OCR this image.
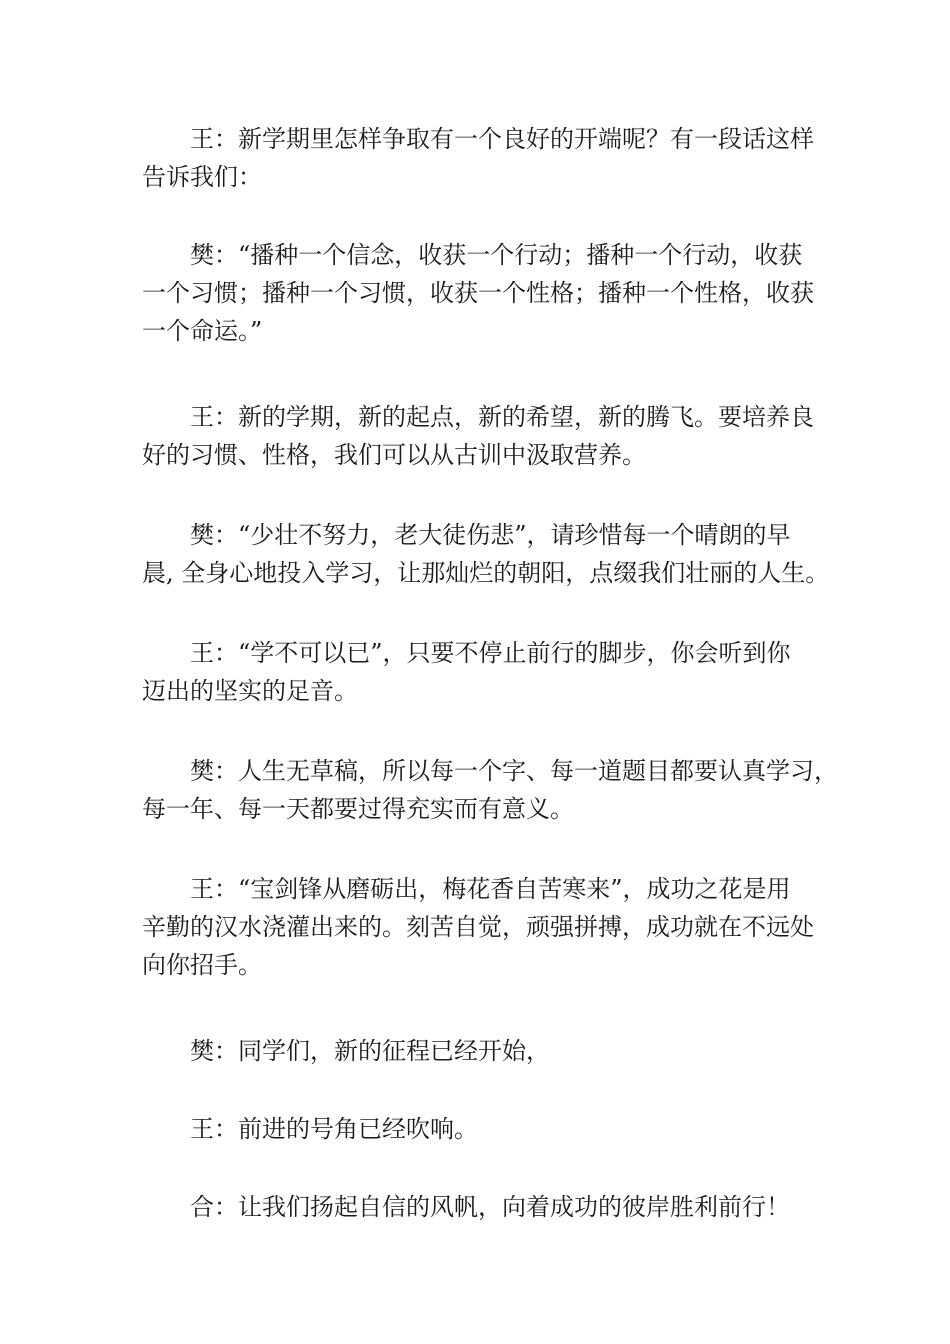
王：新学期里怎样争取有一个良好的开端呢？有一段话这样
告诉我们：
樊：“播种一个信念，收获一个行动；播种一个行动，收获
一个习惯；播种一个习惯，收获一个性格；播种一个性格，收获
一个命运。”
王：新的学期，新的起点，新的希望，新的腾飞。要培养良
好的习惯、性格，我们可以从古训中汲取营养。
樊：“少壮不努力，老大徒伤悲”，请珍惜每一个晴朗的早
晨, 全身心地投入学习，让那灿烂的朝阳，点缀我们壮丽的人生。
王：“学不可以已”，只要不停止前行的脚步，你会听到你
迈出的坚实的足音。
樊：人生无草稿，所以每一个字、每一道题目都要认真学习，
每一年、每一天都要过得充实而有意义。
王：“宝剑锋从磨砺出，梅花香自苦寒来”，成功之花是用
辛勤的汉水浇灌出来的。刻苦自觉，顽强拼搏，成功就在不远处
向你招手。
樊：同学们，新的征程已经开始，
王：前进的号角已经吹响。
合：让我们扬起自信的风帆，向着成功的彼岸胜利前行！
